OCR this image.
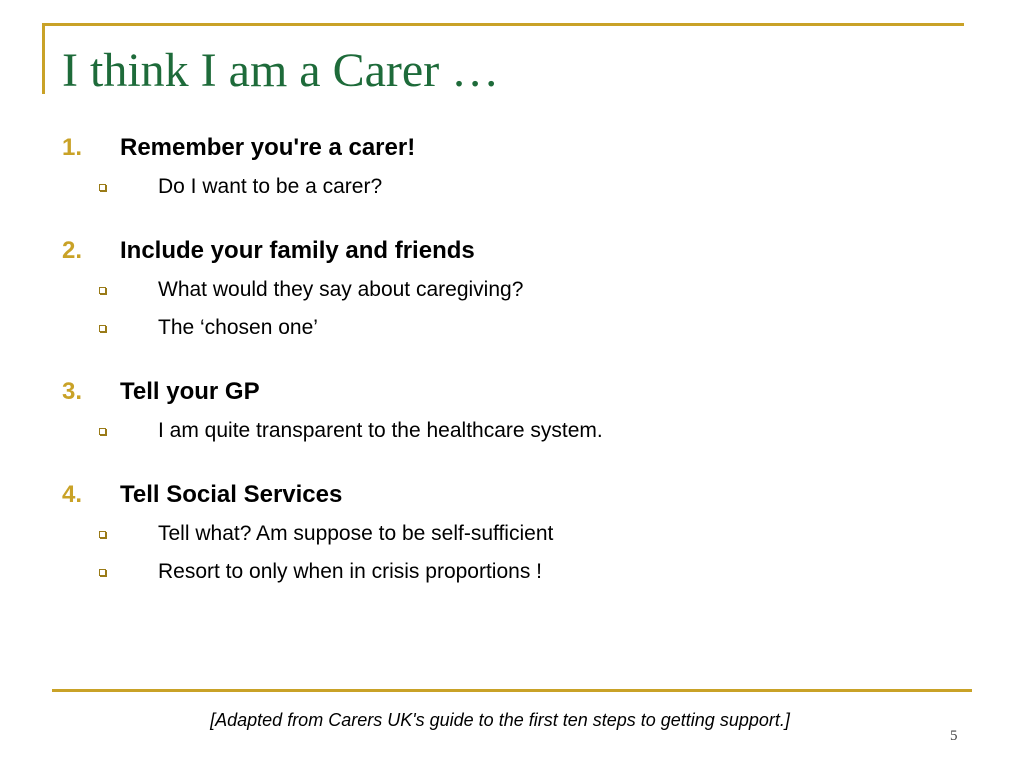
I think I am a Carer …
1.	Remember you're a carer!
Do I want to be a carer?
2.	Include your family and friends
What would they say about caregiving?
The ‘chosen one’
3.	Tell your GP
I am quite transparent to the healthcare system.
4.	Tell Social Services
Tell what? Am suppose to be self-sufficient
Resort to only when in crisis proportions !
[Adapted from Carers UK's guide to the first ten steps to getting support.]
5
